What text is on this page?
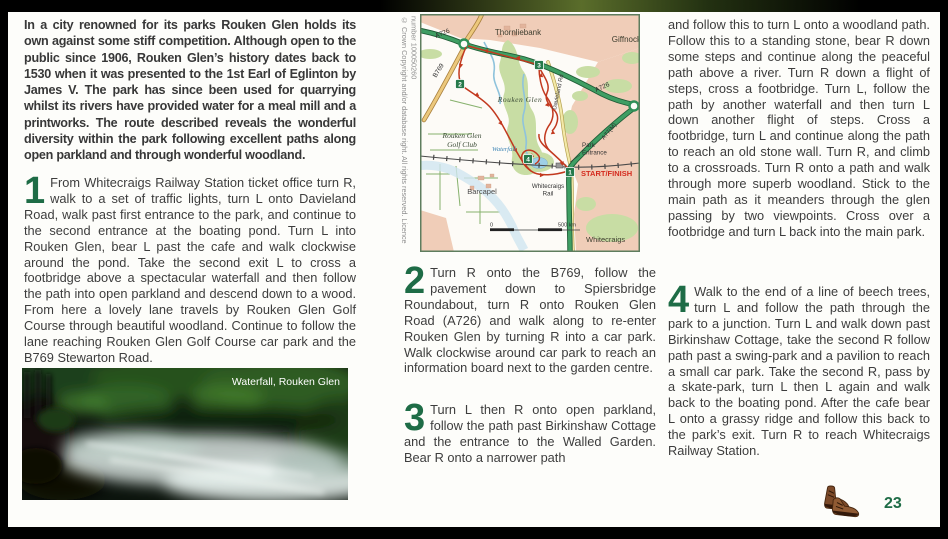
In a city renowned for its parks Rouken Glen holds its own against some stiff competition. Although open to the public since 1906, Rouken Glen’s history dates back to 1530 when it was presented to the 1st Earl of Eglinton by James V. The park has since been used for quarrying whilst its rivers have provided water for a meal mill and a printworks. The route described reveals the wonderful diversity within the park following excellent paths along open parkland and through wonderful woodland.

1 From Whitecraigs Railway Station ticket office turn R, walk to a set of traffic lights, turn L onto Davieland Road, walk past first entrance to the park, and continue to the second entrance at the boating pond. Turn L into Rouken Glen, bear L past the cafe and walk clockwise around the pond. Take the second exit L to cross a footbridge above a spectacular waterfall and then follow the path into open parkland and descend down to a wood. From here a lovely lane travels by Rouken Glen Golf Course through beautiful woodland. Continue to follow the lane reaching Rouken Glen Golf Course car park and the B769 Stewarton Road.

Waterfall, Rouken Glen
© Crown Copyright and/or database right. All rights reserved. Licence number 100050260
1
2
3
4
Thornliebank
Giffnock
A726
B769
A726
A77(M)
Davieland Rd
Rouken Glen
Rouken Glen
Golf Club
Waterfall
Park
Entrance
Whitecraigs
Rail
START/FINISH
Barcapel
Whitecraigs
0	500 km

2 Turn R onto the B769, follow the pavement down to Spiersbridge Roundabout, turn R onto Rouken Glen Road (A726) and walk along to re-enter Rouken Glen by turning R into a car park. Walk clockwise around car park to reach an information board next to the garden centre.

3 Turn L then R onto open parkland, follow the path past Birkinshaw Cottage and the entrance to the Walled Garden. Bear R onto a narrower path

and follow this to turn L onto a woodland path. Follow this to a standing stone, bear R down some steps and continue along the peaceful path above a river. Turn R down a flight of steps, cross a footbridge. Turn L, follow the path by another waterfall and then turn L down another flight of steps. Cross a footbridge, turn L and continue along the path to reach an old stone wall. Turn R, and climb to a crossroads. Turn R onto a path and walk through more superb woodland. Stick to the main path as it meanders through the glen passing by two viewpoints. Cross over a footbridge and turn L back into the main park.

4 Walk to the end of a line of beech trees, turn L and follow the path through the park to a junction. Turn L and walk down past Birkinshaw Cottage, take the second R follow path past a swing-park and a pavilion to reach a small car park. Take the second R, pass by a skate-park, turn L then L again and walk back to the boating pond. After the cafe bear L onto a grassy ridge and follow this back to the park’s exit. Turn R to reach Whitecraigs Railway Station.

23
